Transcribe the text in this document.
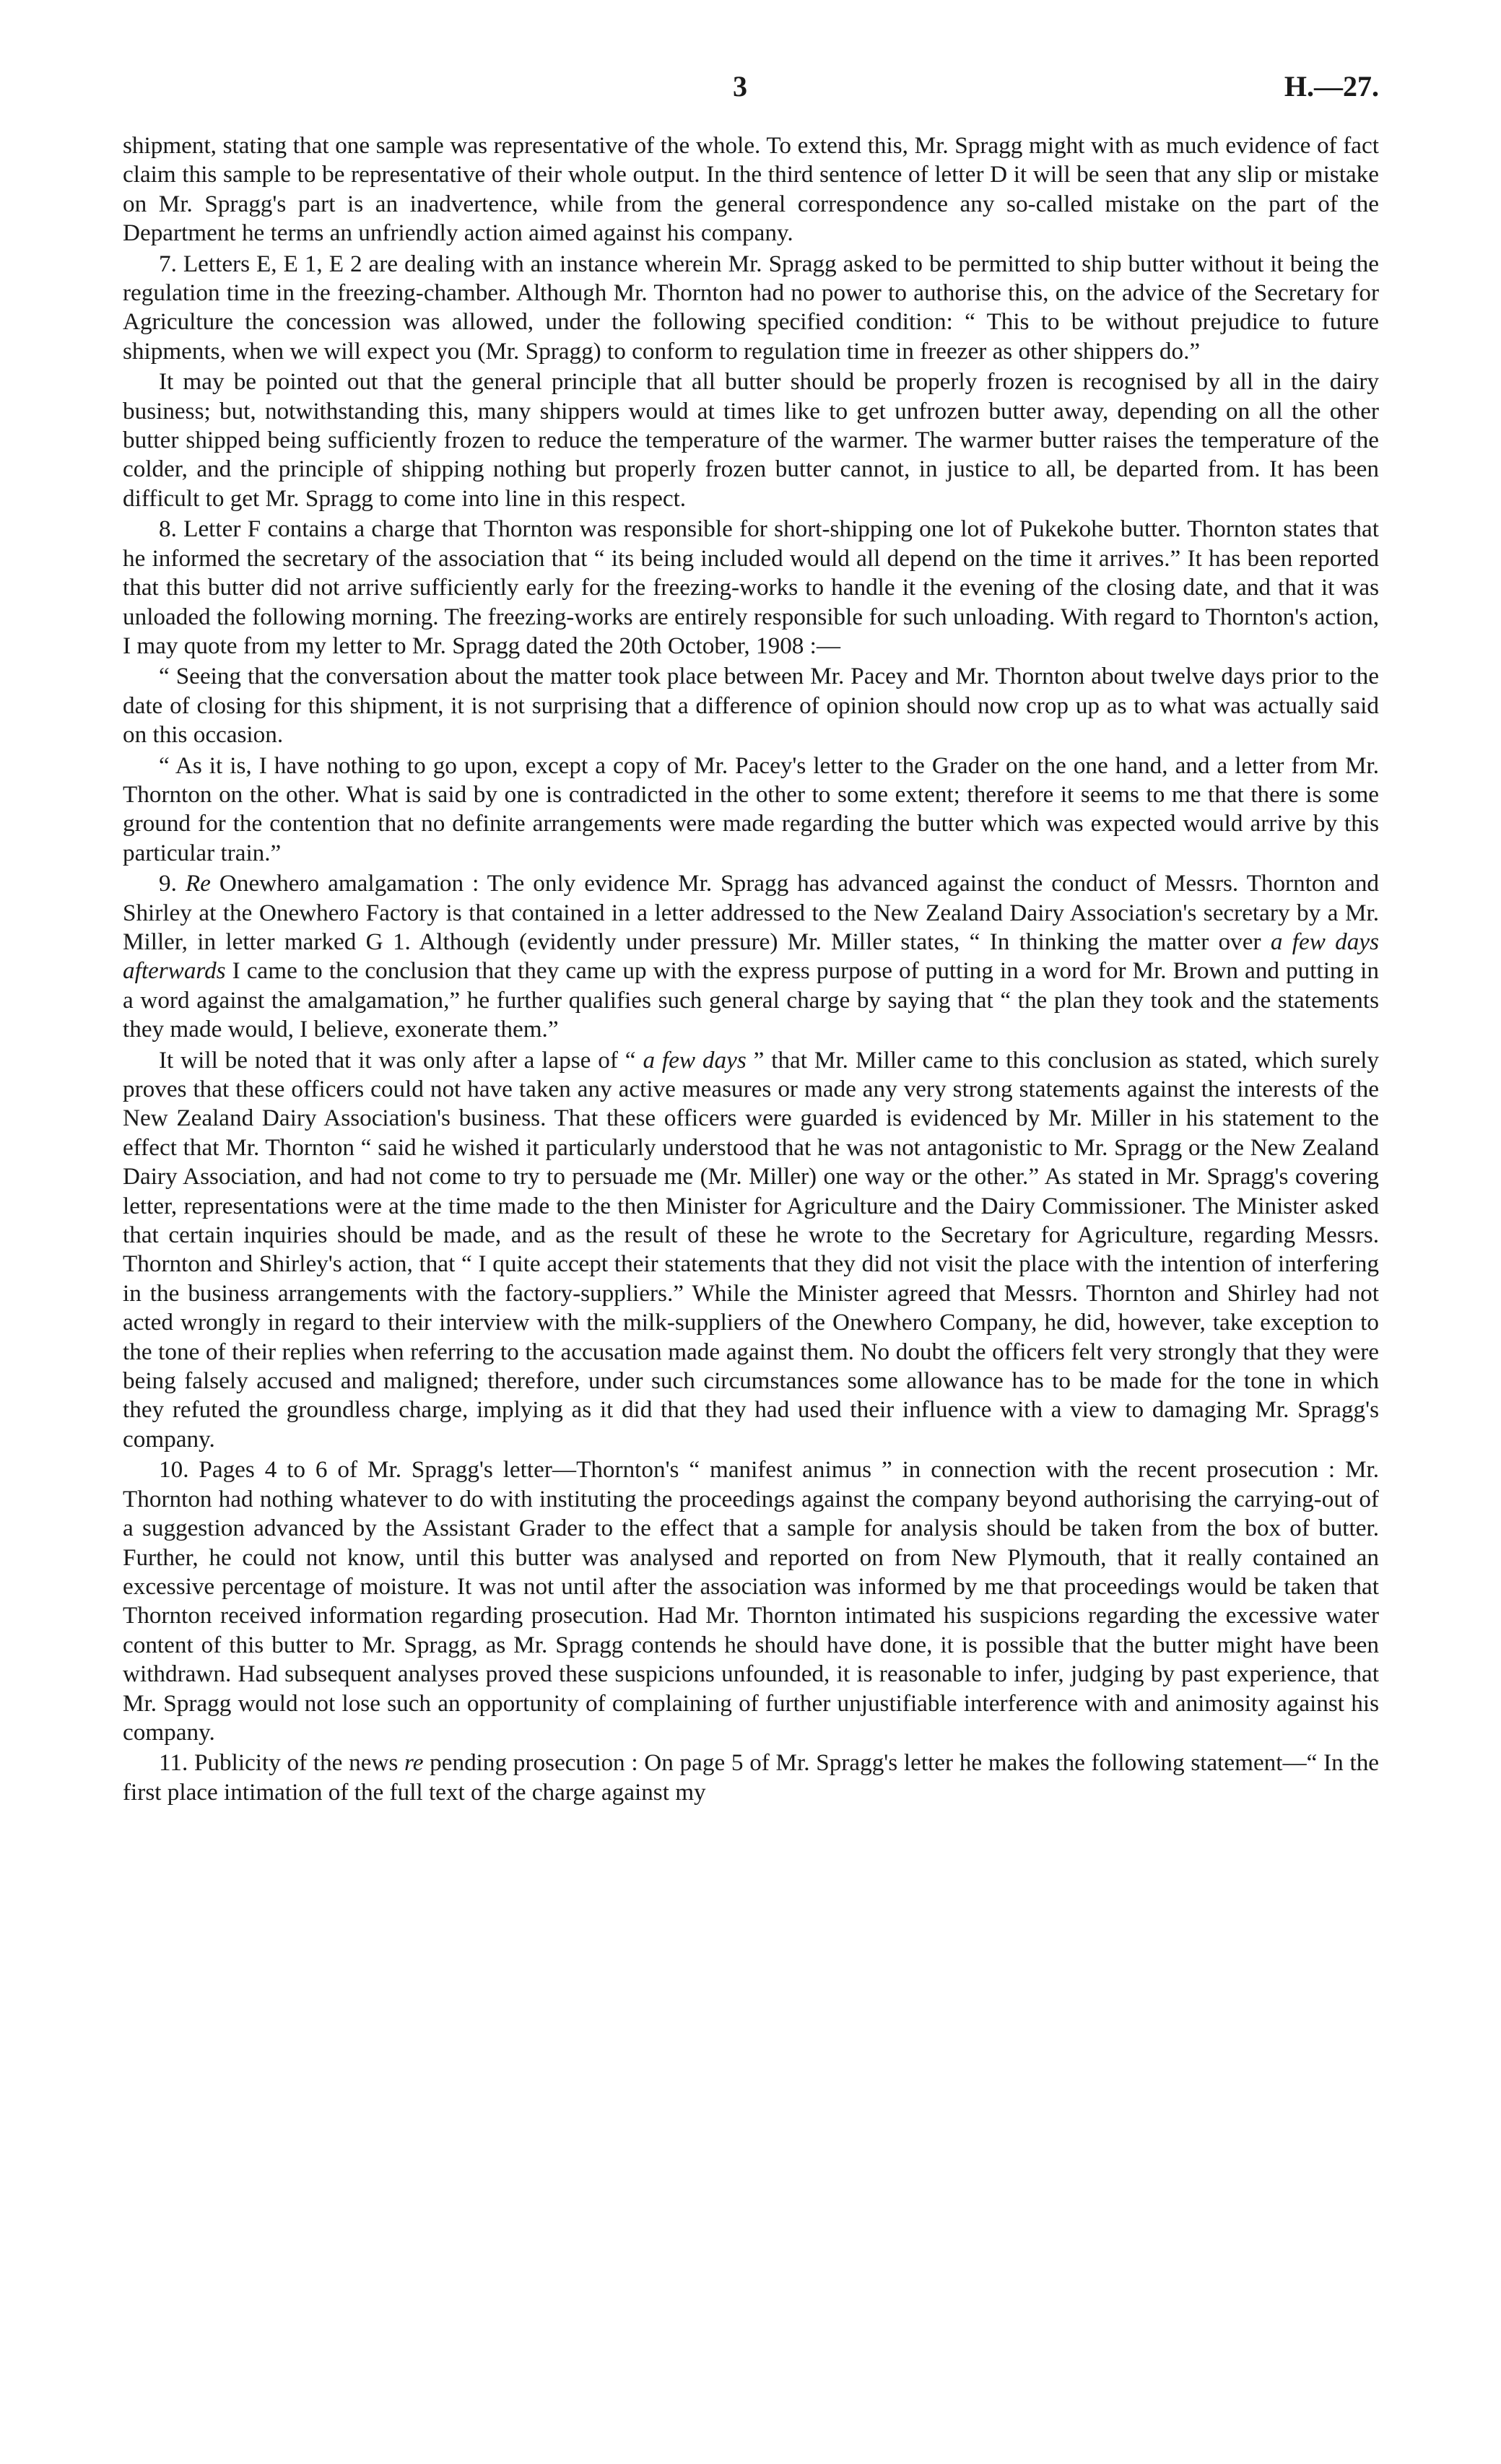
3	H.—27.

shipment, stating that one sample was representative of the whole. To extend this, Mr. Spragg might with as much evidence of fact claim this sample to be representative of their whole output. In the third sentence of letter D it will be seen that any slip or mistake on Mr. Spragg's part is an inadvertence, while from the general correspondence any so-called mistake on the part of the Department he terms an unfriendly action aimed against his company.

7. Letters E, E 1, E 2 are dealing with an instance wherein Mr. Spragg asked to be permitted to ship butter without it being the regulation time in the freezing-chamber. Although Mr. Thornton had no power to authorise this, on the advice of the Secretary for Agriculture the concession was allowed, under the following specified condition: “ This to be without prejudice to future shipments, when we will expect you (Mr. Spragg) to conform to regulation time in freezer as other shippers do.”

It may be pointed out that the general principle that all butter should be properly frozen is recognised by all in the dairy business; but, notwithstanding this, many shippers would at times like to get unfrozen butter away, depending on all the other butter shipped being sufficiently frozen to reduce the temperature of the warmer. The warmer butter raises the temperature of the colder, and the principle of shipping nothing but properly frozen butter cannot, in justice to all, be departed from. It has been difficult to get Mr. Spragg to come into line in this respect.

8. Letter F contains a charge that Thornton was responsible for short-shipping one lot of Pukekohe butter. Thornton states that he informed the secretary of the association that “ its being included would all depend on the time it arrives.” It has been reported that this butter did not arrive sufficiently early for the freezing-works to handle it the evening of the closing date, and that it was unloaded the following morning. The freezing-works are entirely responsible for such unloading. With regard to Thornton's action, I may quote from my letter to Mr. Spragg dated the 20th October, 1908 :—

“ Seeing that the conversation about the matter took place between Mr. Pacey and Mr. Thornton about twelve days prior to the date of closing for this shipment, it is not surprising that a difference of opinion should now crop up as to what was actually said on this occasion.

“ As it is, I have nothing to go upon, except a copy of Mr. Pacey's letter to the Grader on the one hand, and a letter from Mr. Thornton on the other. What is said by one is contradicted in the other to some extent; therefore it seems to me that there is some ground for the contention that no definite arrangements were made regarding the butter which was expected would arrive by this particular train.”

9. Re Onewhero amalgamation : The only evidence Mr. Spragg has advanced against the conduct of Messrs. Thornton and Shirley at the Onewhero Factory is that contained in a letter addressed to the New Zealand Dairy Association's secretary by a Mr. Miller, in letter marked G 1. Although (evidently under pressure) Mr. Miller states, “ In thinking the matter over a few days afterwards I came to the conclusion that they came up with the express purpose of putting in a word for Mr. Brown and putting in a word against the amalgamation,” he further qualifies such general charge by saying that “ the plan they took and the statements they made would, I believe, exonerate them.”

It will be noted that it was only after a lapse of “ a few days ” that Mr. Miller came to this conclusion as stated, which surely proves that these officers could not have taken any active measures or made any very strong statements against the interests of the New Zealand Dairy Association's business. That these officers were guarded is evidenced by Mr. Miller in his statement to the effect that Mr. Thornton “ said he wished it particularly understood that he was not antagonistic to Mr. Spragg or the New Zealand Dairy Association, and had not come to try to persuade me (Mr. Miller) one way or the other.” As stated in Mr. Spragg's covering letter, representations were at the time made to the then Minister for Agriculture and the Dairy Commissioner. The Minister asked that certain inquiries should be made, and as the result of these he wrote to the Secretary for Agriculture, regarding Messrs. Thornton and Shirley's action, that “ I quite accept their statements that they did not visit the place with the intention of interfering in the business arrangements with the factory-suppliers.” While the Minister agreed that Messrs. Thornton and Shirley had not acted wrongly in regard to their interview with the milk-suppliers of the Onewhero Company, he did, however, take exception to the tone of their replies when referring to the accusation made against them. No doubt the officers felt very strongly that they were being falsely accused and maligned; therefore, under such circumstances some allowance has to be made for the tone in which they refuted the groundless charge, implying as it did that they had used their influence with a view to damaging Mr. Spragg's company.

10. Pages 4 to 6 of Mr. Spragg's letter—Thornton's “ manifest animus ” in connection with the recent prosecution : Mr. Thornton had nothing whatever to do with instituting the proceedings against the company beyond authorising the carrying-out of a suggestion advanced by the Assistant Grader to the effect that a sample for analysis should be taken from the box of butter. Further, he could not know, until this butter was analysed and reported on from New Plymouth, that it really contained an excessive percentage of moisture. It was not until after the association was informed by me that proceedings would be taken that Thornton received information regarding prosecution. Had Mr. Thornton intimated his suspicions regarding the excessive water content of this butter to Mr. Spragg, as Mr. Spragg contends he should have done, it is possible that the butter might have been withdrawn. Had subsequent analyses proved these suspicions unfounded, it is reasonable to infer, judging by past experience, that Mr. Spragg would not lose such an opportunity of complaining of further unjustifiable interference with and animosity against his company.

11. Publicity of the news re pending prosecution : On page 5 of Mr. Spragg's letter he makes the following statement—“ In the first place intimation of the full text of the charge against my
